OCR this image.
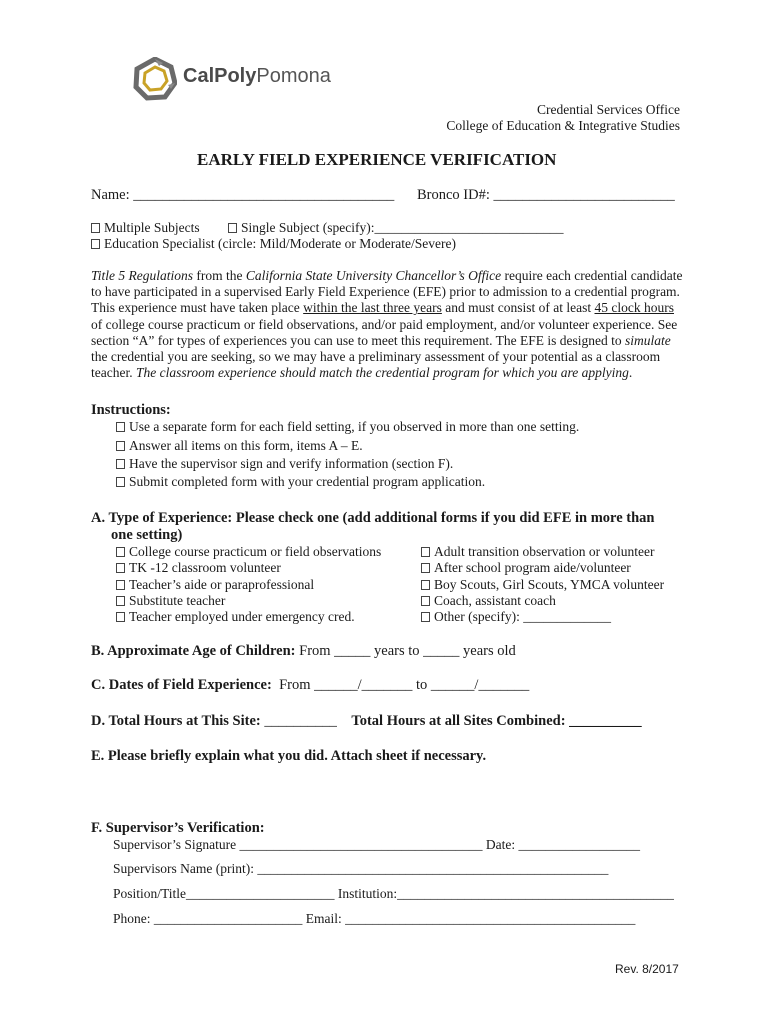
CalPolyPomona
Credential Services Office
College of Education & Integrative Studies
EARLY FIELD EXPERIENCE VERIFICATION
Name: ____________________________________ Bronco ID#: _________________________
Multiple Subjects	Single Subject (specify):____________________________
Education Specialist (circle: Mild/Moderate or Moderate/Severe)
Title 5 Regulations from the California State University Chancellor’s Office require each credential candidate
to have participated in a supervised Early Field Experience (EFE) prior to admission to a credential program.
This experience must have taken place within the last three years and must consist of at least 45 clock hours
of college course practicum or field observations, and/or paid employment, and/or volunteer experience. See
section “A” for types of experiences you can use to meet this requirement. The EFE is designed to simulate
the credential you are seeking, so we may have a preliminary assessment of your potential as a classroom
teacher. The classroom experience should match the credential program for which you are applying.
Instructions:
Use a separate form for each field setting, if you observed in more than one setting.
Answer all items on this form, items A – E.
Have the supervisor sign and verify information (section F).
Submit completed form with your credential program application.
A. Type of Experience: Please check one (add additional forms if you did EFE in more than
one setting)
College course practicum or field observations
TK -12 classroom volunteer
Teacher’s aide or paraprofessional
Substitute teacher
Teacher employed under emergency cred.
Adult transition observation or volunteer
After school program aide/volunteer
Boy Scouts, Girl Scouts, YMCA volunteer
Coach, assistant coach
Other (specify): _____________
B. Approximate Age of Children: From _____ years to _____ years old
C. Dates of Field Experience: From ______/_______ to ______/_______
D. Total Hours at This Site: __________ Total Hours at all Sites Combined: __________
E. Please briefly explain what you did. Attach sheet if necessary.
F. Supervisor’s Verification:
Supervisor’s Signature ____________________________________ Date: __________________
Supervisors Name (print): ____________________________________________________
Position/Title______________________ Institution:_________________________________________
Phone: ______________________ Email: ___________________________________________
Rev. 8/2017
